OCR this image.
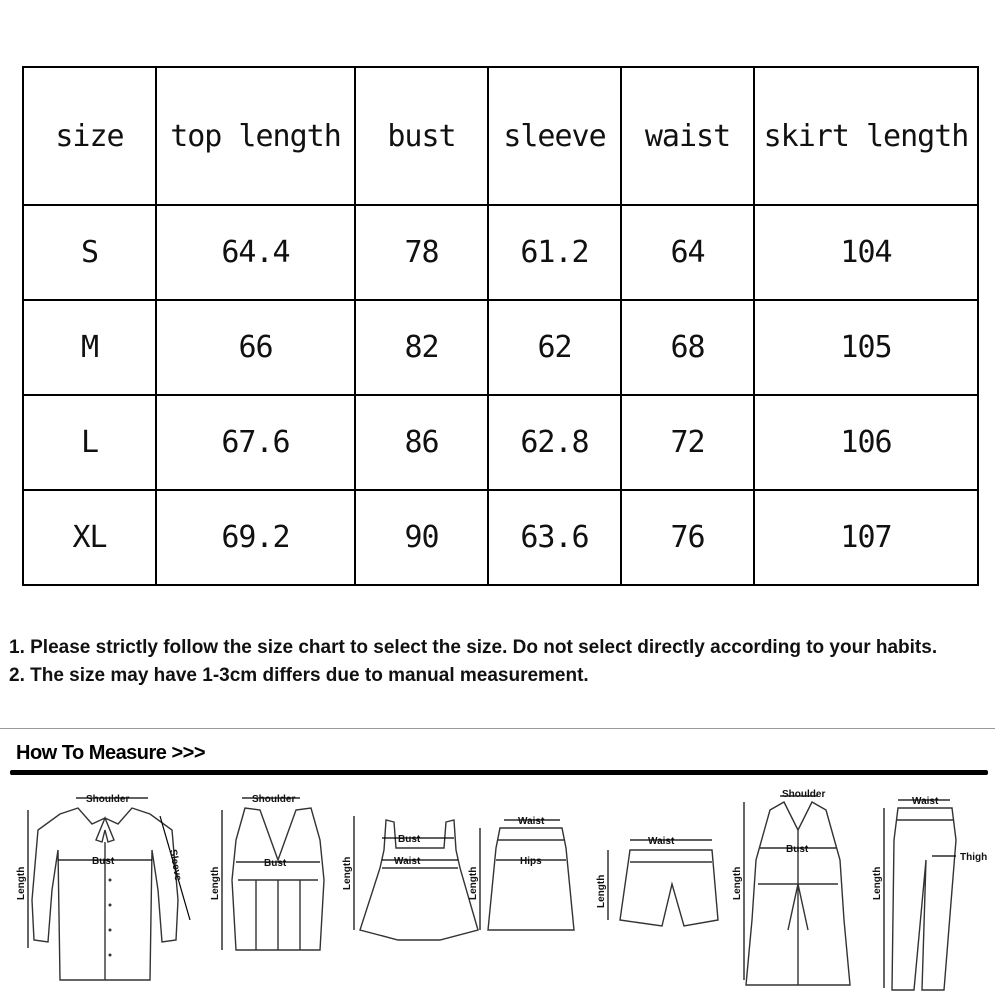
size	top length	bust	sleeve	waist	skirt length
S	64.4	78	61.2	64	104
M	66	82	62	68	105
L	67.6	86	62.8	72	106
XL	69.2	90	63.6	76	107

1. Please strictly follow the size chart to select the size. Do not select directly according to your habits.

2. The size may have 1-3cm differs due to manual measurement.

How To Measure >>>
Shoulder
Bust
Length
Sleeve
Shoulder
Bust
Length
Bust
Waist
Length
Waist
Hips
Length
Waist
Length
Shoulder
Bust
Length
Waist
Thigh
Length
